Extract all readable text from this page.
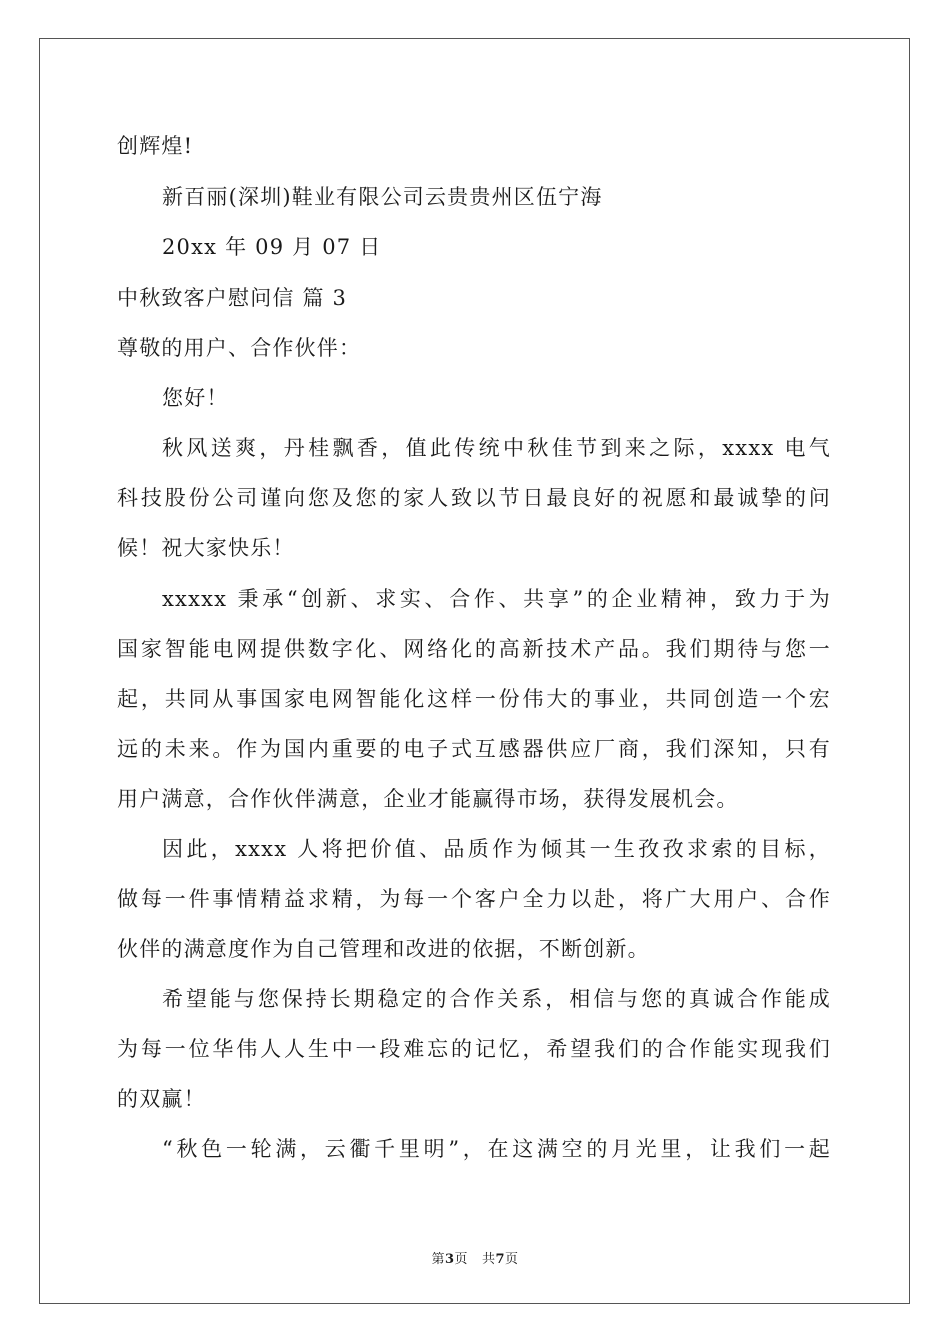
创辉煌!
新百丽(深圳)鞋业有限公司云贵贵州区伍宁海
20xx 年 09 月 07 日
中秋致客户慰问信 篇 3
尊敬的用户、合作伙伴：
您好！
秋风送爽，丹桂飘香，值此传统中秋佳节到来之际，xxxx 电气
科技股份公司谨向您及您的家人致以节日最良好的祝愿和最诚挚的问
候！祝大家快乐！
xxxxx 秉承“创新、求实、合作、共享”的企业精神，致力于为
国家智能电网提供数字化、网络化的高新技术产品。我们期待与您一
起，共同从事国家电网智能化这样一份伟大的事业，共同创造一个宏
远的未来。作为国内重要的电子式互感器供应厂商，我们深知，只有
用户满意，合作伙伴满意，企业才能赢得市场，获得发展机会。
因此，xxxx 人将把价值、品质作为倾其一生孜孜求索的目标，
做每一件事情精益求精，为每一个客户全力以赴，将广大用户、合作
伙伴的满意度作为自己管理和改进的依据，不断创新。
希望能与您保持长期稳定的合作关系，相信与您的真诚合作能成
为每一位华伟人人生中一段难忘的记忆，希望我们的合作能实现我们
的双赢！
“秋色一轮满，云衢千里明”，在这满空的月光里，让我们一起
第3页 共7页
